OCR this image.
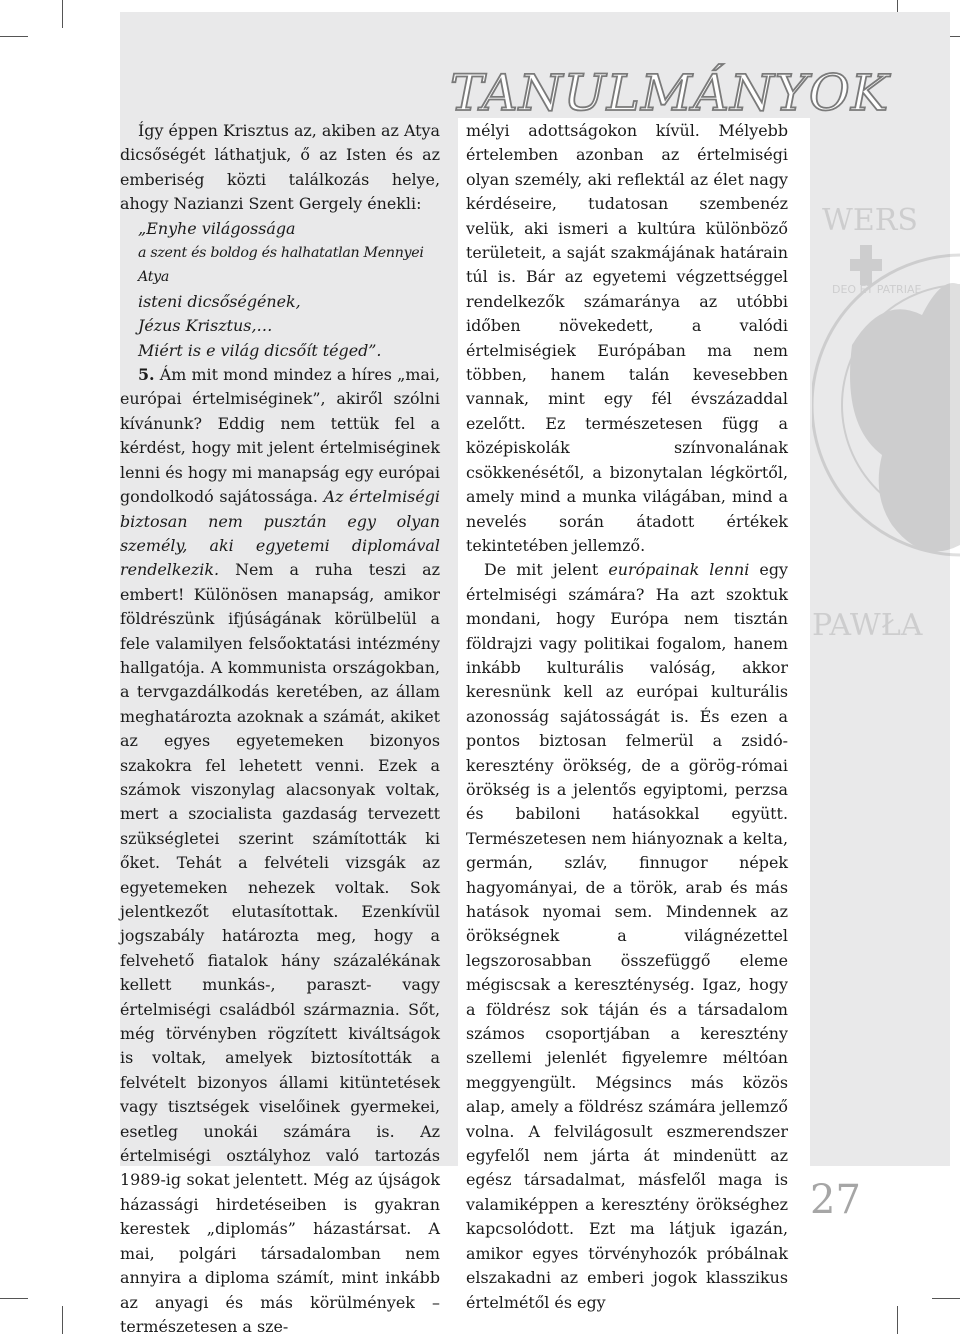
WERS
DEO ET PATRIAE
PAWŁA
TANULMÁNYOK

Így éppen Krisztus az, akiben az Atya dicsőségét láthatjuk, ő az Isten és az emberiség közti találkozás helye, ahogy Nazianzi Szent Gergely énekli:

„Enyhe világossága
a szent és boldog és halhatatlan Mennyei Atya
isteni dicsőségének,
Jézus Krisztus,…
Miért is e világ dicsőít téged”.

5. Ám mit mond mindez a híres „mai, európai értelmiséginek”, akiről szólni kívánunk? Eddig nem tettük fel a kérdést, hogy mit jelent értelmiséginek lenni és hogy mi manapság egy európai gondolkodó sajátossága. Az értelmiségi biztosan nem pusztán egy olyan személy, aki egyetemi diplomával rendelkezik. Nem a ruha teszi az embert! Különösen manapság, amikor földrészünk ifjúságának körülbelül a fele valamilyen felsőoktatási intézmény hallgatója. A kommunista országokban, a tervgazdálkodás keretében, az állam meghatározta azoknak a számát, akiket az egyes egyetemeken bizonyos szakokra fel lehetett venni. Ezek a számok viszonylag alacsonyak voltak, mert a szocialista gazdaság tervezett szükségletei szerint számították ki őket. Tehát a felvételi vizsgák az egyetemeken nehezek voltak. Sok jelentkezőt elutasítottak. Ezenkívül jogszabály határozta meg, hogy a felvehető fiatalok hány százalékának kellett munkás-, paraszt- vagy értelmiségi családból származnia. Sőt, még törvényben rögzített kiváltságok is voltak, amelyek biztosították a felvételt bizonyos állami kitüntetések vagy tisztségek viselőinek gyermekei, esetleg unokái számára is. Az értelmiségi osztályhoz való tartozás 1989-ig sokat jelentett. Még az újságok házassági hirdetéseiben is gyakran kerestek „diplomás” házastársat. A mai, polgári társadalomban nem annyira a diploma számít, mint inkább az anyagi és más körülmények – természetesen a sze-

mélyi adottságokon kívül. Mélyebb értelemben azonban az értelmiségi olyan személy, aki reflektál az élet nagy kérdéseire, tudatosan szembenéz velük, aki ismeri a kultúra különböző területeit, a saját szakmájának határain túl is. Bár az egyetemi végzettséggel rendelkezők számaránya az utóbbi időben növekedett, a valódi értelmiségiek Európában ma nem többen, hanem talán kevesebben vannak, mint egy fél évszázaddal ezelőtt. Ez természetesen függ a középiskolák színvonalának csökkenésétől, a bizonytalan légkörtől, amely mind a munka világában, mind a nevelés során átadott értékek tekintetében jellemző.

De mit jelent európainak lenni egy értelmiségi számára? Ha azt szoktuk mondani, hogy Európa nem tisztán földrajzi vagy politikai fogalom, hanem inkább kulturális valóság, akkor keresnünk kell az európai kulturális azonosság sajátosságát is. És ezen a pontos biztosan felmerül a zsidó-keresztény örökség, de a görög-római örökség is a jelentős egyiptomi, perzsa és babiloni hatásokkal együtt. Természetesen nem hiányoznak a kelta, germán, szláv, finnugor népek hagyományai, de a török, arab és más hatások nyomai sem. Mindennek az örökségnek a világnézettel legszorosabban összefüggő eleme mégiscsak a kereszténység. Igaz, hogy a földrész sok táján és a társadalom számos csoportjában a keresztény szellemi jelenlét figyelemre méltóan meggyengült. Mégsincs más közös alap, amely a földrész számára jellemző volna. A felvilágosult eszmerendszer egyfelől nem járta át mindenütt az egész társadalmat, másfelől maga is valamiképpen a keresztény örökséghez kapcsolódott. Ezt ma látjuk igazán, amikor egyes törvényhozók próbálnak elszakadni az emberi jogok klasszikus értelmétől és egy

27
